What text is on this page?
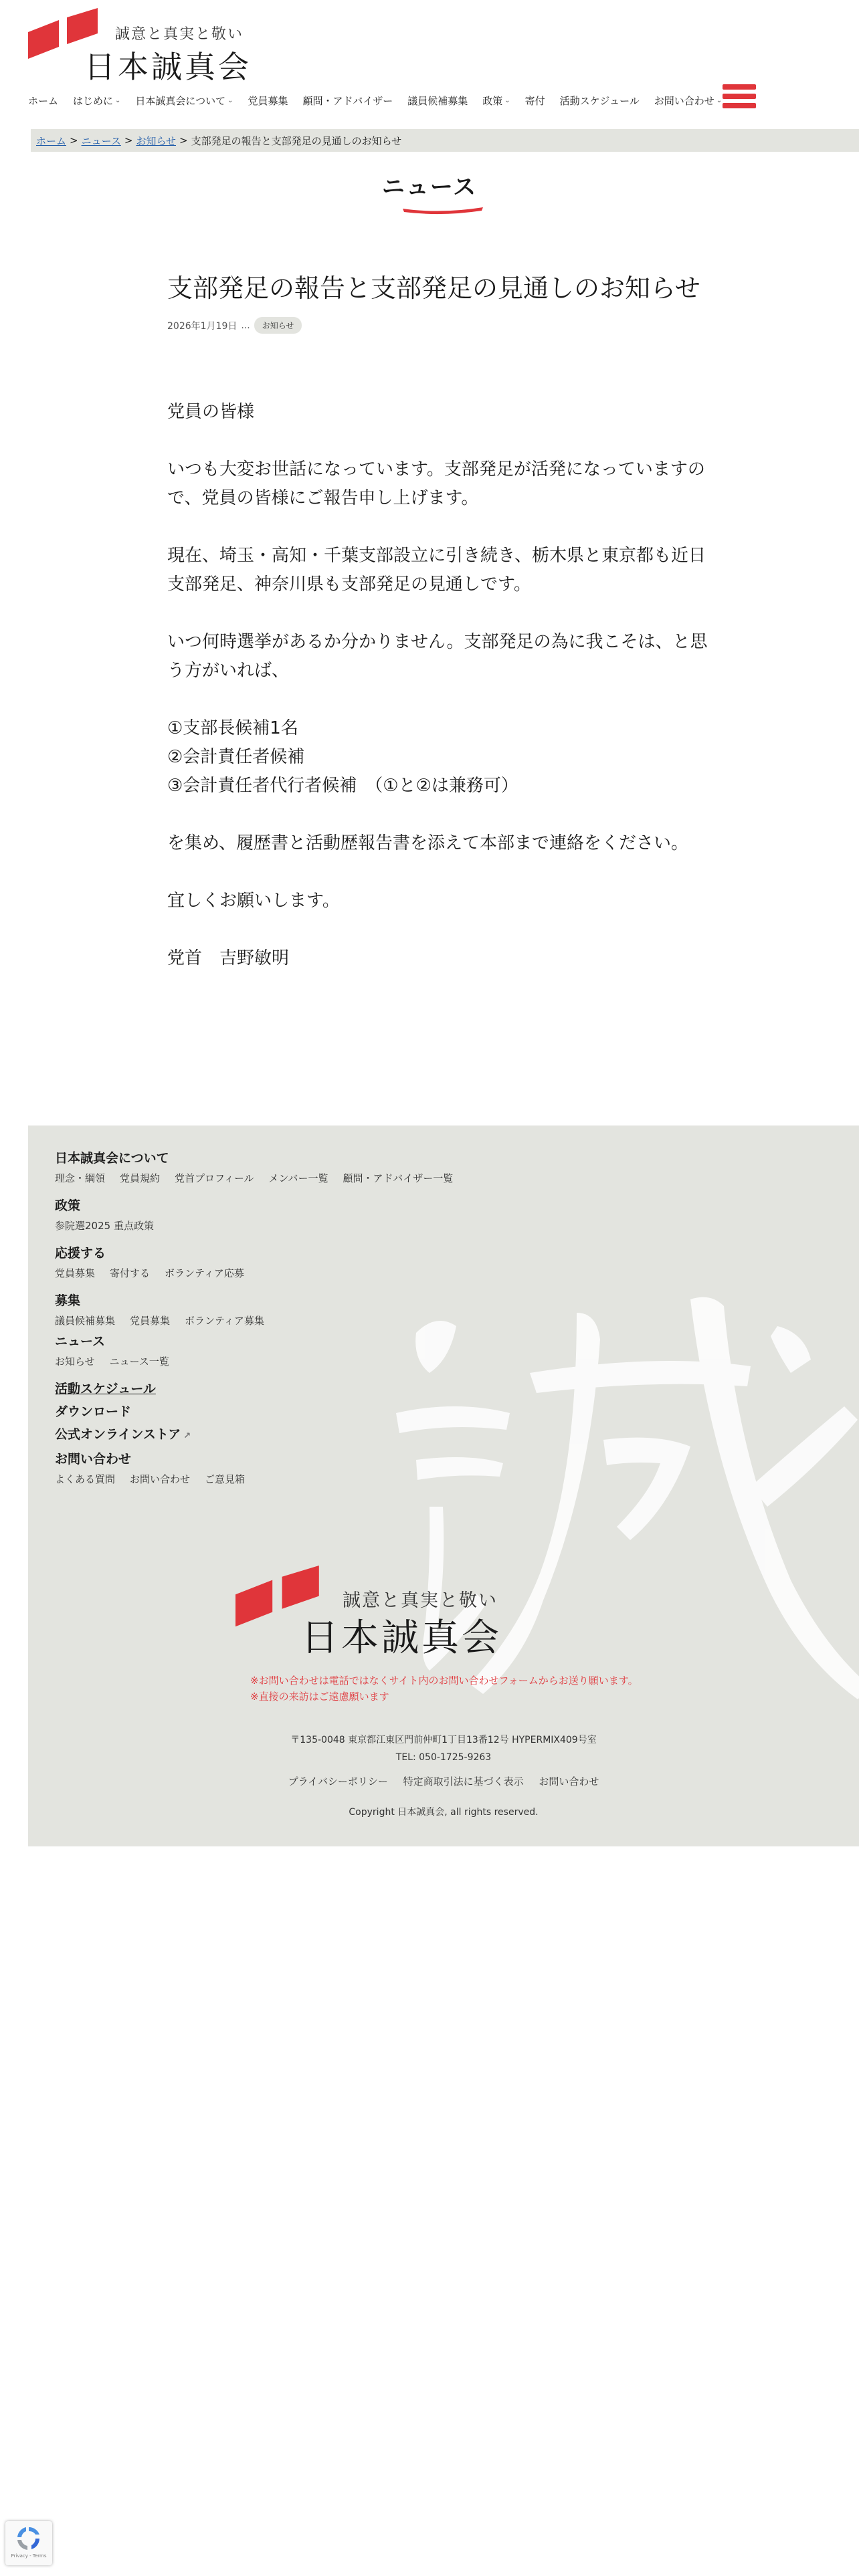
誠意と真実と敬い
日本誠真会
ホーム はじめに ⌄ 日本誠真会について ⌄ 党員募集 顧問・アドバイザー 議員候補募集 政策 ⌄ 寄付 活動スケジュール お問い合わせ ⌄
ホーム > ニュース > お知らせ > 支部発足の報告と支部発足の見通しのお知らせ
ニュース
支部発足の報告と支部発足の見通しのお知らせ
2026年1月19日 ...	お知らせ

党員の皆様

いつも大変お世話になっています。支部発足が活発になっていますので、党員の皆様にご報告申し上げます。

現在、埼玉・高知・千葉支部設立に引き続き、栃木県と東京都も近日支部発足、神奈川県も支部発足の見通しです。

いつ何時選挙があるか分かりません。支部発足の為に我こそは、と思う方がいれば、

①支部長候補1名
②会計責任者候補
③会計責任者代行者候補　（①と②は兼務可）

を集め、履歴書と活動歴報告書を添えて本部まで連絡をください。

宜しくお願いします。

党首　吉野敏明

日本誠真会について
理念・綱領 党員規約 党首プロフィール メンバー一覧 顧問・アドバイザー一覧
政策
参院選2025 重点政策
応援する
党員募集 寄付する ボランティア応募
募集
議員候補募集 党員募集 ボランティア募集
ニュース
お知らせ ニュース一覧
活動スケジュール
ダウンロード
公式オンラインストア ↗
お問い合わせ
よくある質問 お問い合わせ ご意見箱
誠意と真実と敬い
日本誠真会
※お問い合わせは電話ではなくサイト内のお問い合わせフォームからお送り願います。
※直接の来訪はご遠慮願います
〒135-0048 東京都江東区門前仲町1丁目13番12号 HYPERMIX409号室
TEL: 050-1725-9263
プライバシーポリシー 特定商取引法に基づく表示 お問い合わせ
Copyright 日本誠真会, all rights reserved.
Privacy - Terms
